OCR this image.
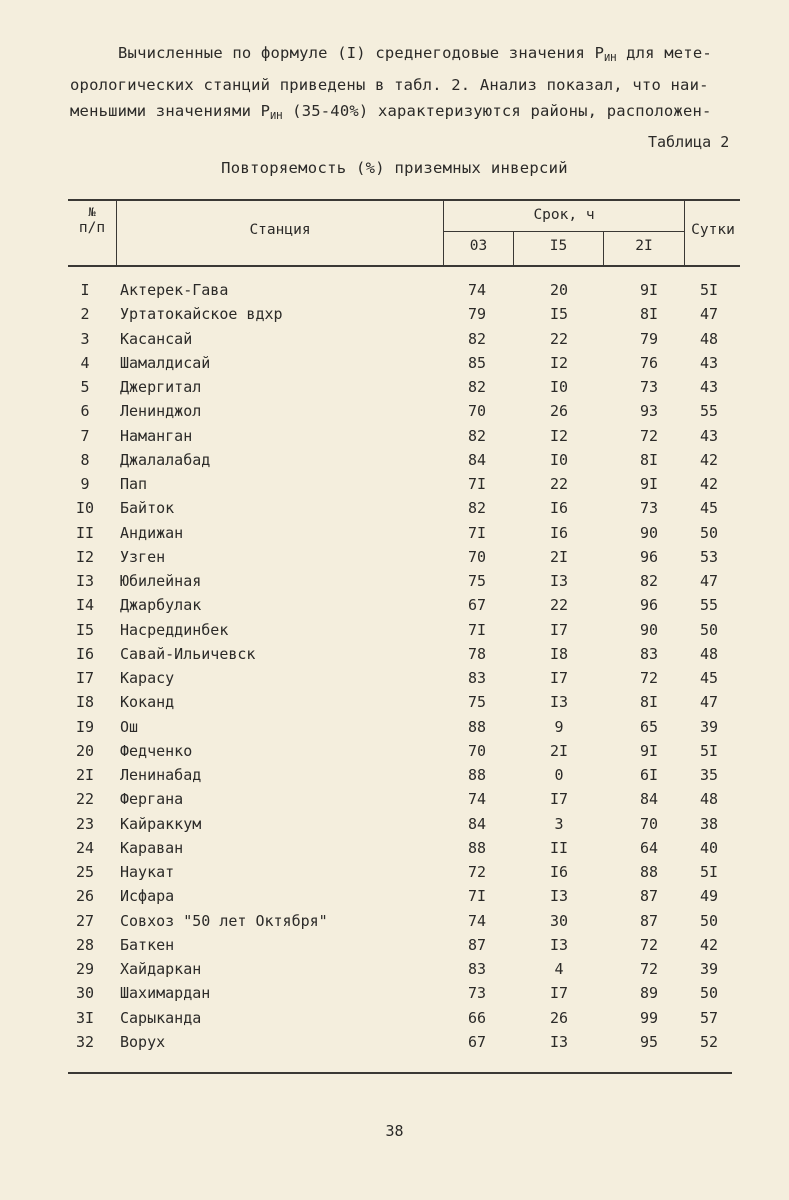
Вычисленные по формуле (I) среднегодовые значения $Р_{ИН}$ для мете-
орологических станций приведены в табл. 2. Анализ показал, что наи-
меньшими значениями $Р_{ИН}$ (35-40%) характеризуются районы, расположен-
Таблица 2
Повторяемость (%) приземных инверсий
№
п/п	Станция
Срок, ч
03	I5	2I
Сутки
I	Актерек-Гава	74	20	9I	5I
2	Уртатокайское вдхр	79	I5	8I	47
3	Касансай	82	22	79	48
4	Шамалдисай	85	I2	76	43
5	Джергитал	82	I0	73	43
6	Ленинджол	70	26	93	55
7	Наманган	82	I2	72	43
8	Джалалабад	84	I0	8I	42
9	Пап	7I	22	9I	42
I0	Байток	82	I6	73	45
II	Андижан	7I	I6	90	50
I2	Узген	70	2I	96	53
I3	Юбилейная	75	I3	82	47
I4	Джарбулак	67	22	96	55
I5	Насреддинбек	7I	I7	90	50
I6	Савай-Ильичевск	78	I8	83	48
I7	Карасу	83	I7	72	45
I8	Коканд	75	I3	8I	47
I9	Ош	88	9	65	39
20	Федченко	70	2I	9I	5I
2I	Ленинабад	88	0	6I	35
22	Фергана	74	I7	84	48
23	Кайраккум	84	3	70	38
24	Караван	88	II	64	40
25	Наукат	72	I6	88	5I
26	Исфара	7I	I3	87	49
27	Совхоз "50 лет Октября"	74	30	87	50
28	Баткен	87	I3	72	42
29	Хайдаркан	83	4	72	39
30	Шахимардан	73	I7	89	50
3I	Сарыканда	66	26	99	57
32	Ворух	67	I3	95	52
38
